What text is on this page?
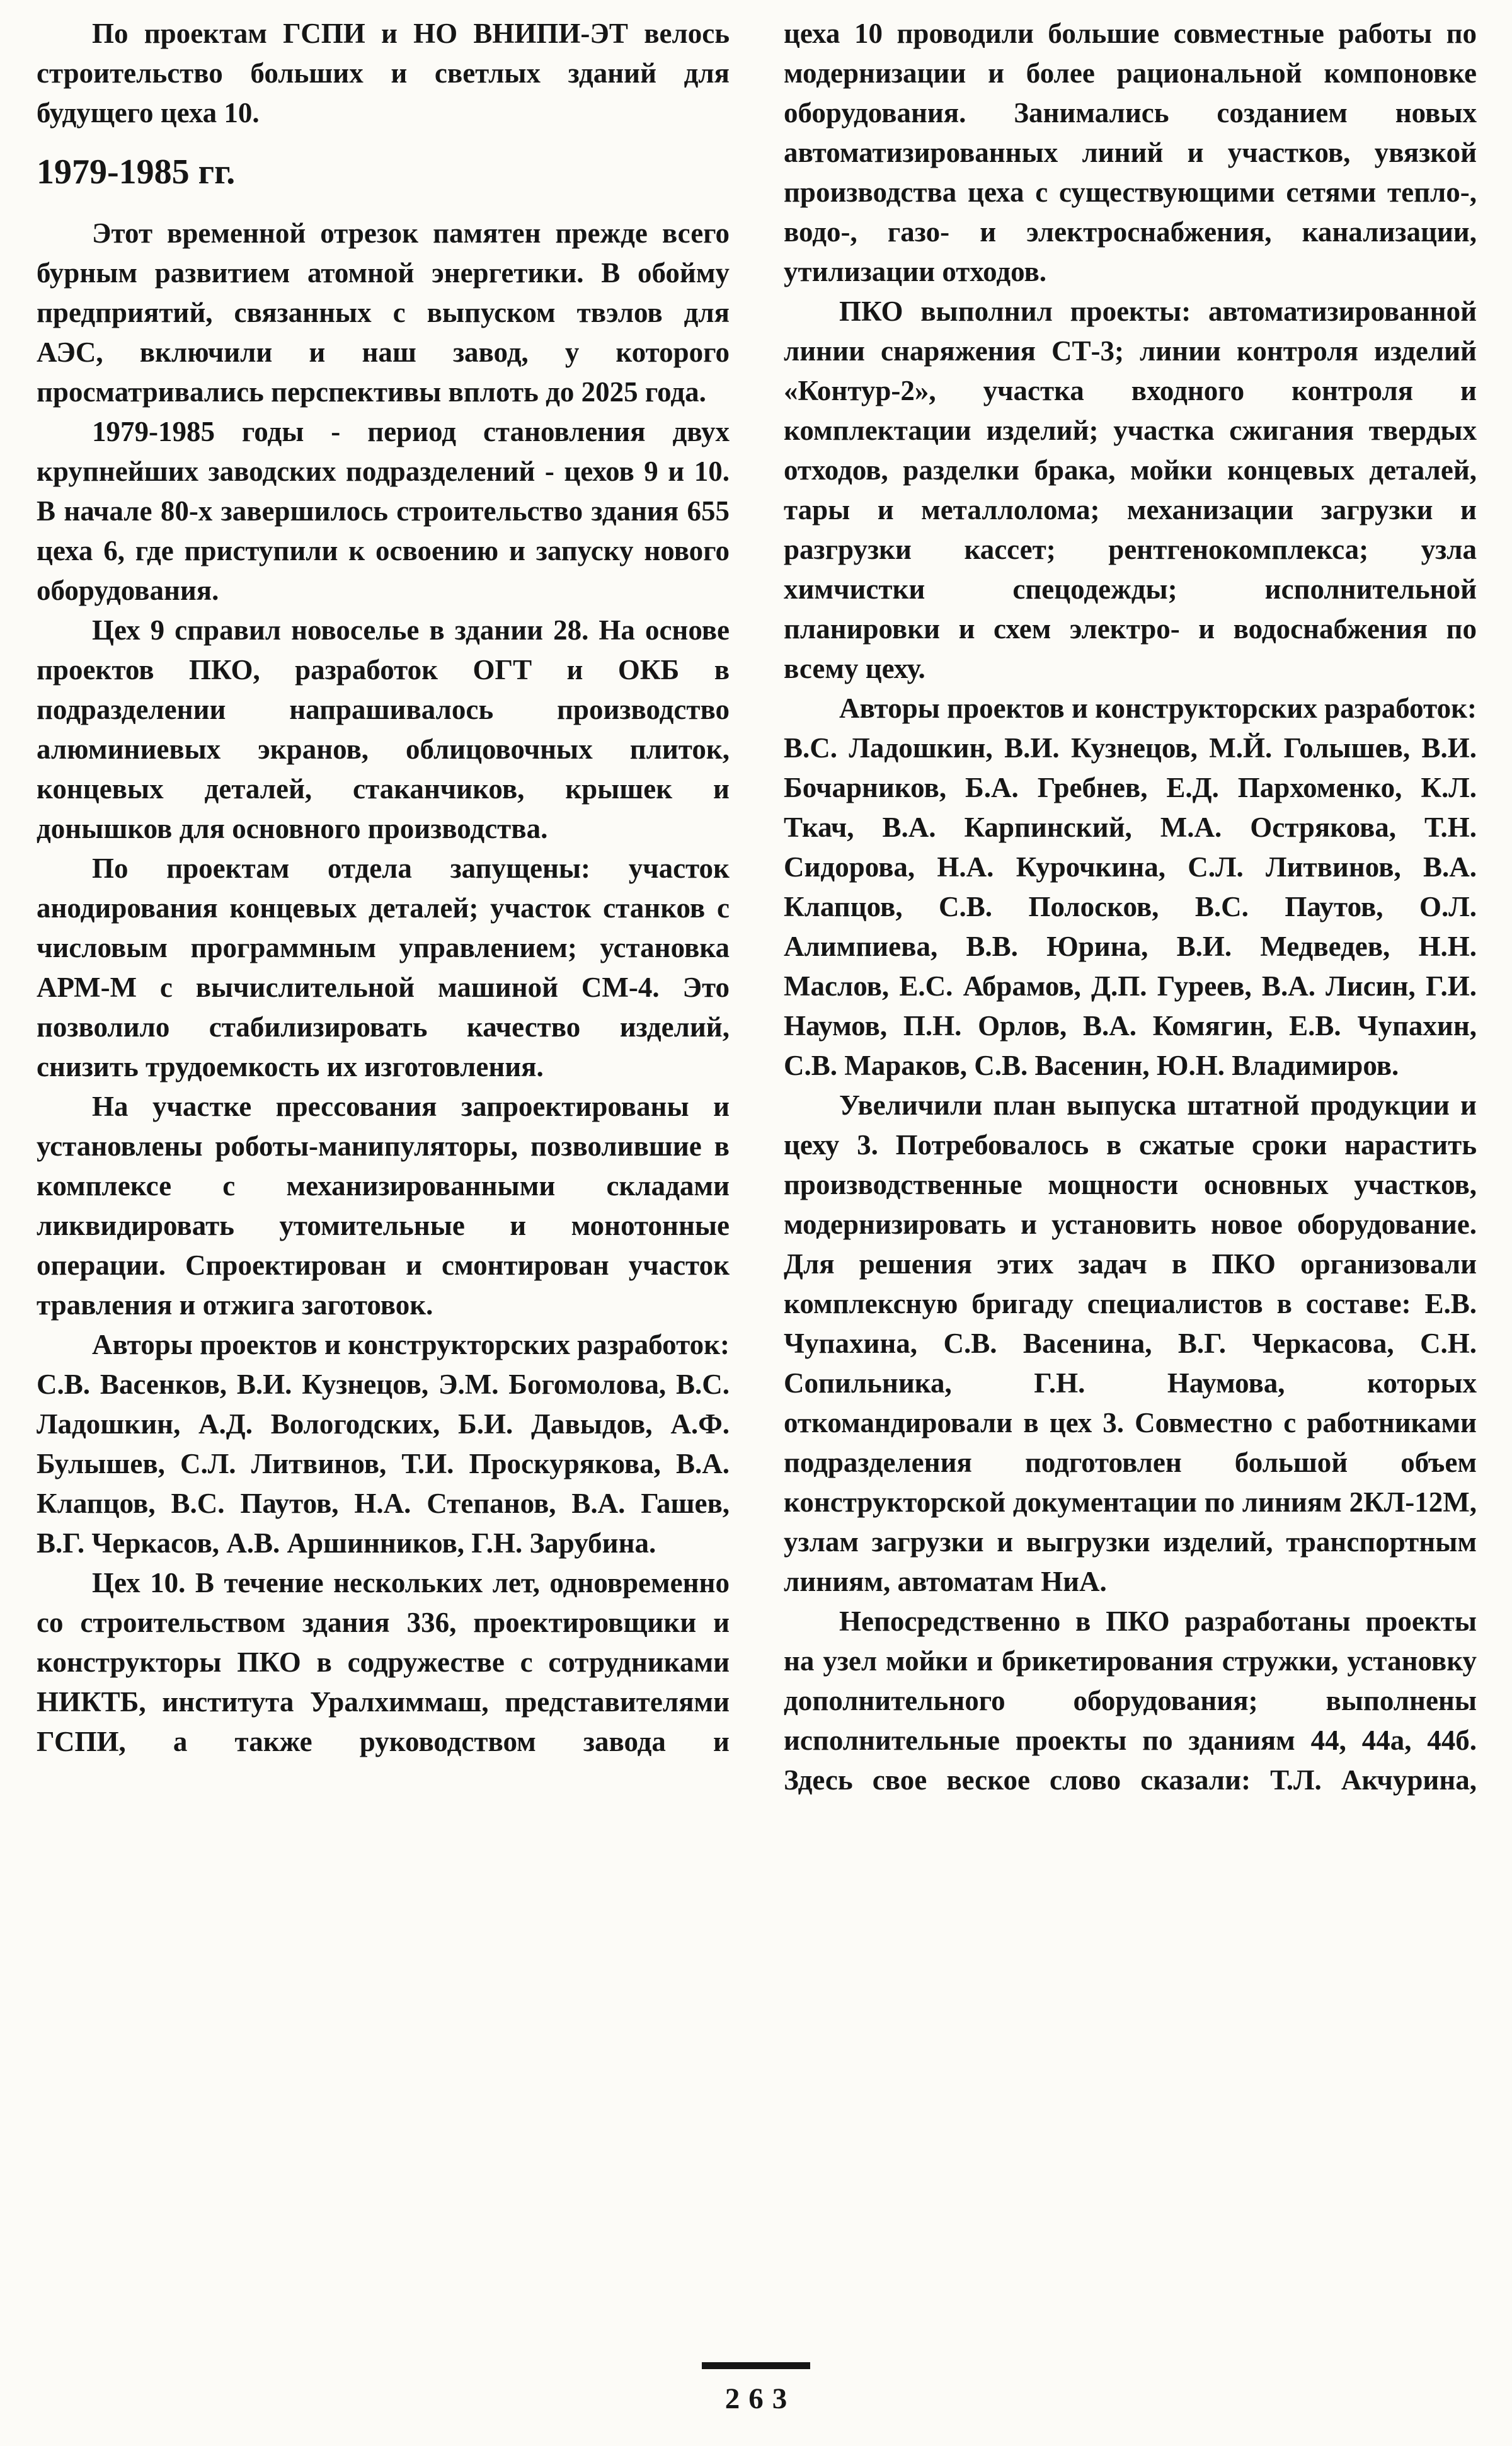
По проектам ГСПИ и НО ВНИПИ-ЭТ велось строительство больших и светлых зданий для будущего цеха 10.

1979-1985 гг.

Этот временной отрезок памятен прежде всего бурным развитием атомной энергетики. В обойму предприятий, связанных с выпуском твэлов для АЭС, включили и наш завод, у которого просматривались перспективы вплоть до 2025 года.

1979-1985 годы - период становления двух крупнейших заводских подразделений - цехов 9 и 10. В начале 80-х завершилось строительство здания 655 цеха 6, где приступили к освоению и запуску нового оборудования.

Цех 9 справил новоселье в здании 28. На основе проектов ПКО, разработок ОГТ и ОКБ в подразделении напрашивалось производство алюминиевых экранов, облицовочных плиток, концевых деталей, стаканчиков, крышек и донышков для основного производства.

По проектам отдела запущены: участок анодирования концевых деталей; участок станков с числовым программным управлением; установка АРМ-М с вычислительной машиной СМ-4. Это позволило стабилизировать качество изделий, снизить трудоемкость их изготовления.

На участке прессования запроектированы и установлены роботы-манипуляторы, позволившие в комплексе с механизированными складами ликвидировать утомительные и монотонные операции. Спроектирован и смонтирован участок травления и отжига заготовок.

Авторы проектов и конструкторских разработок: С.В. Васенков, В.И. Кузнецов, Э.М. Богомолова, В.С. Ладошкин, А.Д. Вологодских, Б.И. Давыдов, А.Ф. Булышев, С.Л. Литвинов, Т.И. Проскурякова, В.А. Клапцов, В.С. Паутов, Н.А. Степанов, В.А. Гашев, В.Г. Черкасов, А.В. Аршинников, Г.Н. Зарубина.

Цех 10. В течение нескольких лет, одновременно со строительством здания 336, проектировщики и конструкторы ПКО в содружестве с сотрудниками НИКТБ, института Уралхиммаш, представителями ГСПИ, а также руководством завода и

цеха 10 проводили большие совместные работы по модернизации и более рациональной компоновке оборудования. Занимались созданием новых автоматизированных линий и участков, увязкой производства цеха с существующими сетями тепло-, водо-, газо- и электроснабжения, канализации, утилизации отходов.

ПКО выполнил проекты: автоматизированной линии снаряжения СТ-3; линии контроля изделий «Контур-2», участка входного контроля и комплектации изделий; участка сжигания твердых отходов, разделки брака, мойки концевых деталей, тары и металлолома; механизации загрузки и разгрузки кассет; рентгенокомплекса; узла химчистки спецодежды; исполнительной планировки и схем электро- и водоснабжения по всему цеху.

Авторы проектов и конструкторских разработок: В.С. Ладошкин, В.И. Кузнецов, М.Й. Голышев, В.И. Бочарников, Б.А. Гребнев, Е.Д. Пархоменко, К.Л. Ткач, В.А. Карпинский, М.А. Острякова, Т.Н. Сидорова, Н.А. Курочкина, С.Л. Литвинов, В.А. Клапцов, С.В. Полосков, В.С. Паутов, О.Л. Алимпиева, В.В. Юрина, В.И. Медведев, Н.Н. Маслов, Е.С. Абрамов, Д.П. Гуреев, В.А. Лисин, Г.И. Наумов, П.Н. Орлов, В.А. Комягин, Е.В. Чупахин, С.В. Мараков, С.В. Васенин, Ю.Н. Владимиров.

Увеличили план выпуска штатной продукции и цеху 3. Потребовалось в сжатые сроки нарастить производственные мощности основных участков, модернизировать и установить новое оборудование. Для решения этих задач в ПКО организовали комплексную бригаду специалистов в составе: Е.В. Чупахина, С.В. Васенина, В.Г. Черкасова, С.Н. Сопильника, Г.Н. Наумова, которых откомандировали в цех 3. Совместно с работниками подразделения подготовлен большой объем конструкторской документации по линиям 2КЛ-12М, узлам загрузки и выгрузки изделий, транспортным линиям, автоматам НиА.

Непосредственно в ПКО разработаны проекты на узел мойки и брикетирования стружки, установку дополнительного оборудования; выполнены исполнительные проекты по зданиям 44, 44а, 44б. Здесь свое веское слово сказали: Т.Л. Акчурина,

263
